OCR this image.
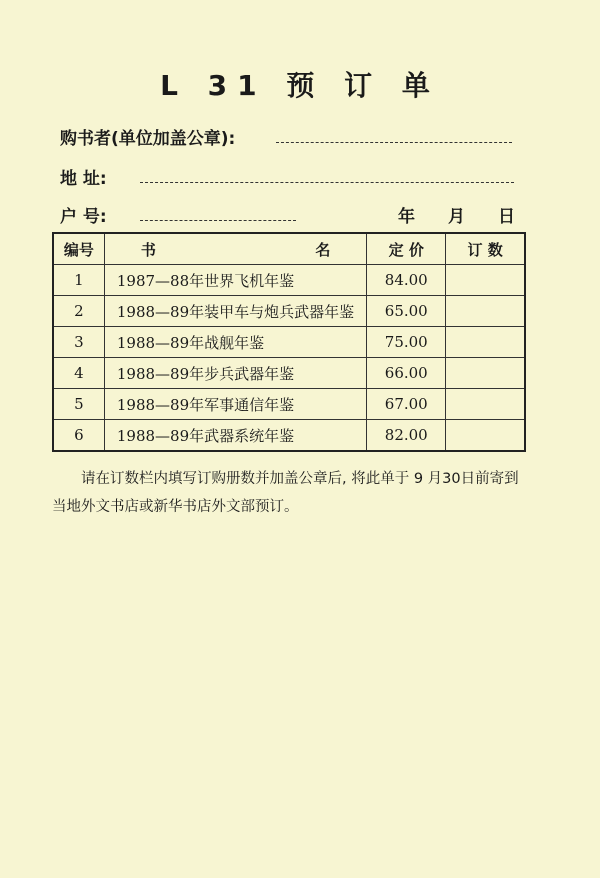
L 31 预 订 单
购书者(单位加盖公章):
地 址:
户 号:	年 月 日
编号	书 名	定 价	订 数
1	1987—88年世界飞机年鉴	84.00	
2	1988—89年装甲车与炮兵武器年鉴	65.00	
3	1988—89年战舰年鉴	75.00	
4	1988—89年步兵武器年鉴	66.00	
5	1988—89年军事通信年鉴	67.00	
6	1988—89年武器系统年鉴	82.00	
请在订数栏内填写订购册数并加盖公章后, 将此单于 9 月30日前寄到当地外文书店或新华书店外文部预订。
